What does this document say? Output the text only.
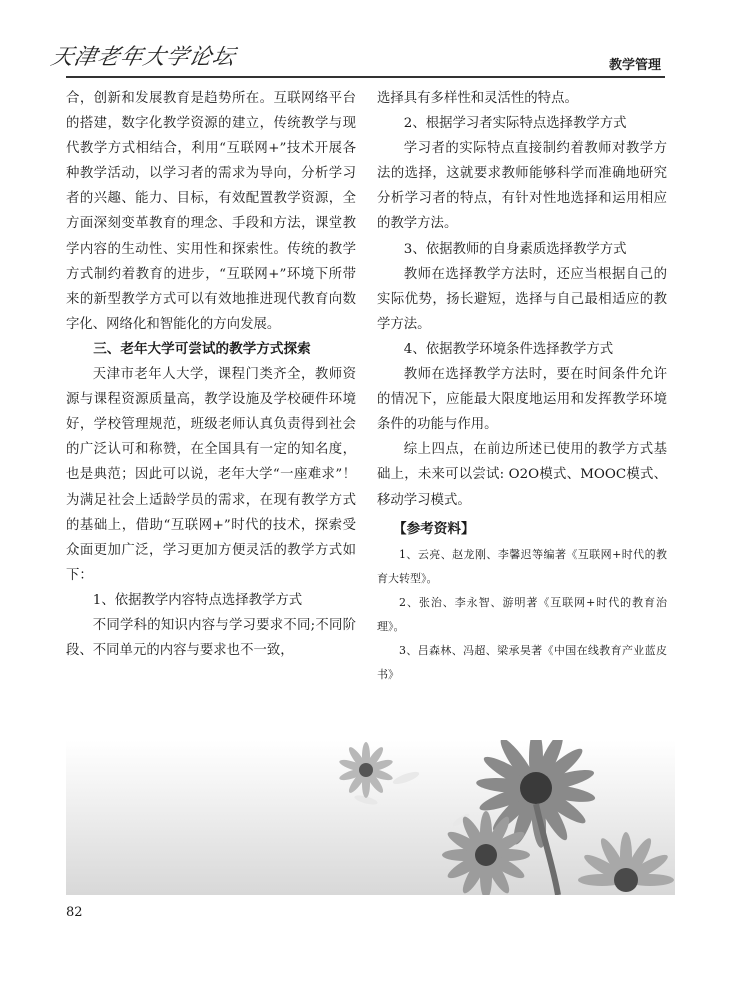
天津老年大学论坛	教学管理

合，创新和发展教育是趋势所在。互联网络平台的搭建，数字化教学资源的建立，传统教学与现代教学方式相结合，利用“互联网+”技术开展各种教学活动，以学习者的需求为导向，分析学习者的兴趣、能力、目标，有效配置教学资源，全方面深刻变革教育的理念、手段和方法，课堂教学内容的生动性、实用性和探索性。传统的教学方式制约着教育的进步，“互联网+”环境下所带来的新型教学方式可以有效地推进现代教育向数字化、网络化和智能化的方向发展。

三、老年大学可尝试的教学方式探索

天津市老年人大学，课程门类齐全，教师资源与课程资源质量高，教学设施及学校硬件环境好，学校管理规范，班级老师认真负责得到社会的广泛认可和称赞，在全国具有一定的知名度，也是典范；因此可以说，老年大学“一座难求”！为满足社会上适龄学员的需求，在现有教学方式的基础上，借助“互联网+”时代的技术，探索受众面更加广泛，学习更加方便灵活的教学方式如下：

1、依据教学内容特点选择教学方式

不同学科的知识内容与学习要求不同;不同阶段、不同单元的内容与要求也不一致，

选择具有多样性和灵活性的特点。

2、根据学习者实际特点选择教学方式

学习者的实际特点直接制约着教师对教学方法的选择，这就要求教师能够科学而准确地研究分析学习者的特点，有针对性地选择和运用相应的教学方法。

3、依据教师的自身素质选择教学方式

教师在选择教学方法时，还应当根据自己的实际优势，扬长避短，选择与自己最相适应的教学方法。

4、依据教学环境条件选择教学方式

教师在选择教学方法时，要在时间条件允许的情况下，应能最大限度地运用和发挥教学环境条件的功能与作用。

综上四点，在前边所述已使用的教学方式基础上，未来可以尝试: O2O模式、MOOC模式、移动学习模式。

【参考资料】

1、云亮、赵龙刚、李馨迟等编著《互联网+时代的教育大转型》。

2、张治、李永智、游明著《互联网+时代的教育治理》。

3、吕森林、冯超、梁承昊著《中国在线教育产业蓝皮书》

82
